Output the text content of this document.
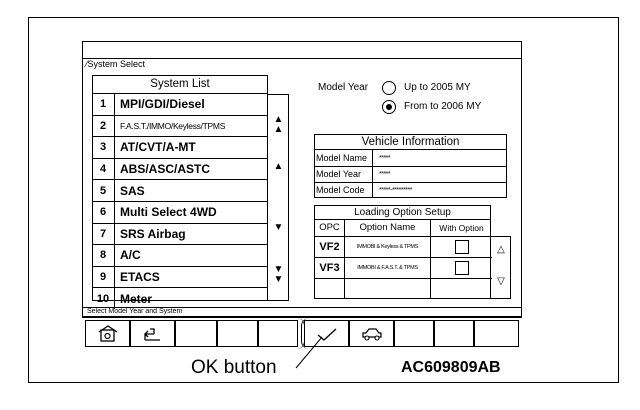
⁄System Select
System List
1	MPI/GDI/Diesel
2	F.A.S.T./IMMO/Keyless/TPMS
3	AT/CVT/A-MT
4	ABS/ASC/ASTC
5	SAS
6	Multi Select 4WD
7	SRS Airbag
8	A/C
9	ETACS
10 Meter
▲
▲
▲
▼
▼
▼
Model Year	Up to 2005 MY
From to 2006 MY
Vehicle Information
Model Name	*****
Model Year	*****
Model Code	*****-*********
Loading Option Setup
OPC	Option Name	With Option
VF2	IMMOBI & Keyless & TPMS
VF3	IMMOBI & F.A.S.T. & TPMS
△
▽
Select Model Year and System
OK button	AC609809AB
